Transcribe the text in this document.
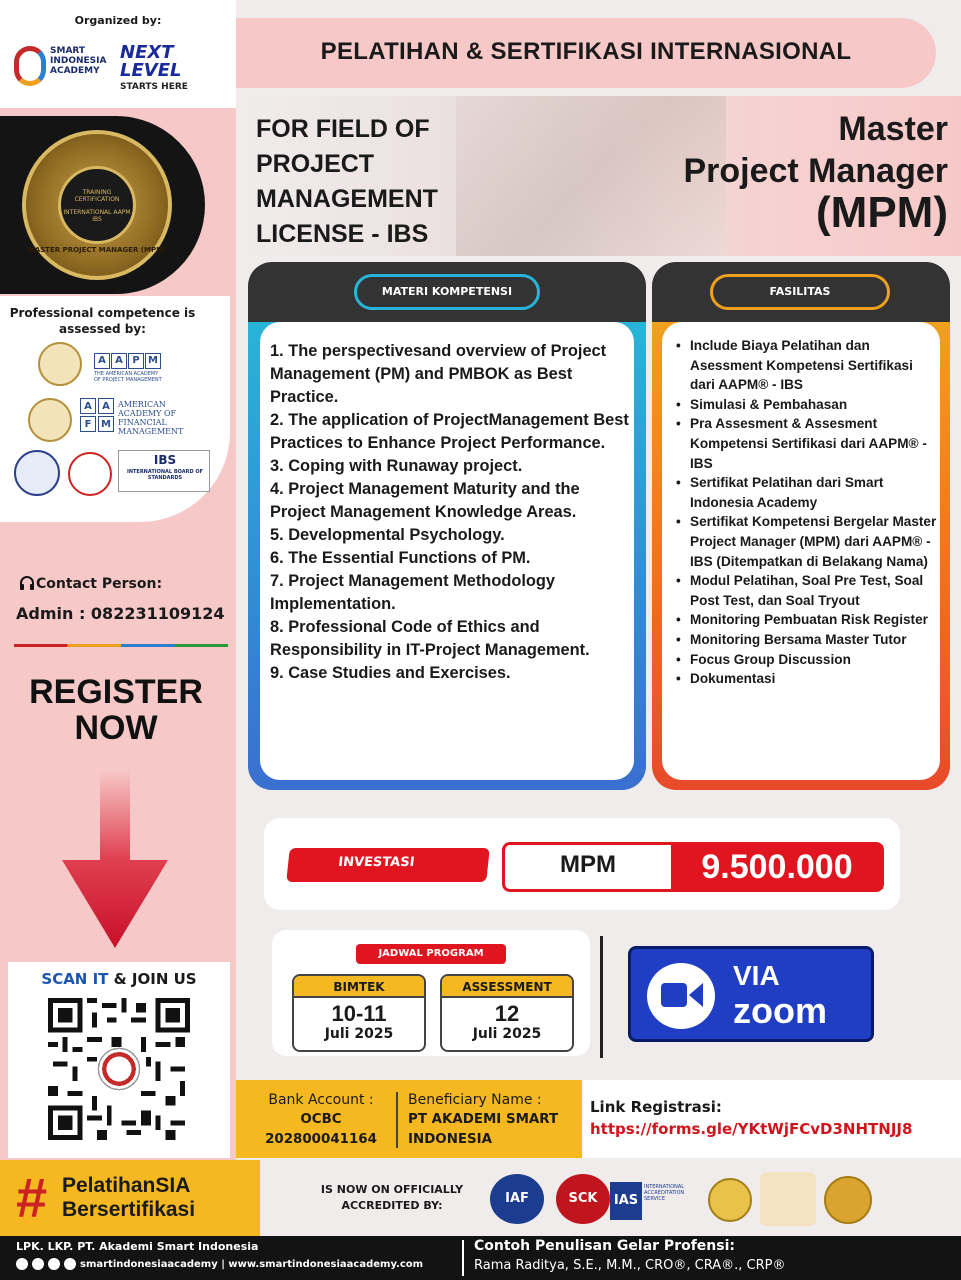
Organized by:
SMART INDONESIA ACADEMY
NEXT LEVEL
STARTS HERE
TRAINING CERTIFICATION
INTERNATIONAL AAPM IBS
MASTER PROJECT MANAGER (MPM)
Professional competence is assessed by:
A A P M
THE AMERICAN ACADEMY OF PROJECT MANAGEMENT
A	A
F M
AMERICAN ACADEMY OF FINANCIAL MANAGEMENT
IBS
INTERNATIONAL BOARD OF STANDARDS
Contact Person:
Admin : 082231109124
REGISTER
NOW
SCAN IT & JOIN US
PELATIHAN & SERTIFIKASI INTERNASIONAL
FOR FIELD OF PROJECT MANAGEMENT LICENSE - IBS
Master
Project Manager
(MPM)
MATERI KOMPETENSI
1. The perspectivesand overview of Project Management (PM) and PMBOK as Best Practice.
2. The application of ProjectManagement Best Practices to Enhance Project Performance.
3. Coping with Runaway project.
4. Project Management Maturity and the Project Management Knowledge Areas.
5. Developmental Psychology.
6. The Essential Functions of PM.
7. Project Management Methodology Implementation.
8. Professional Code of Ethics and Responsibility in IT-Project Management.
9. Case Studies and Exercises.
FASILITAS
• Include Biaya Pelatihan dan Asessment Kompetensi Sertifikasi dari AAPM® - IBS
• Simulasi & Pembahasan
• Pra Assesment & Assesment Kompetensi Sertifikasi dari AAPM® - IBS
• Sertifikat Pelatihan dari Smart Indonesia Academy
• Sertifikat Kompetensi Bergelar Master Project Manager (MPM) dari AAPM® - IBS (Ditempatkan di Belakang Nama)
• Modul Pelatihan, Soal Pre Test, Soal Post Test, dan Soal Tryout
• Monitoring Pembuatan Risk Register
• Monitoring Bersama Master Tutor
• Focus Group Discussion
• Dokumentasi
INVESTASI	MPM	9.500.000
JADWAL PROGRAM
BIMTEK
10-11
Juli 2025
ASSESSMENT
12
Juli 2025
VIA
zoom
Bank Account :
OCBC
202800041164
Beneficiary Name :
PT AKADEMI SMART INDONESIA
Link Registrasi:
https://forms.gle/YKtWjFCvD3NHTNJJ8
# PelatihanSIA
Bersertifikasi
IS NOW ON OFFICIALLY ACCREDITED BY:	IAF	SCK	IAS
INTERNATIONAL ACCREDITATION SERVICE
LPK. LKP. PT. Akademi Smart Indonesia
smartindonesiaacademy | www.smartindonesiaacademy.com
Contoh Penulisan Gelar Profensi:
Rama Raditya, S.E., M.M., CRO®, CRA®., CRP®
